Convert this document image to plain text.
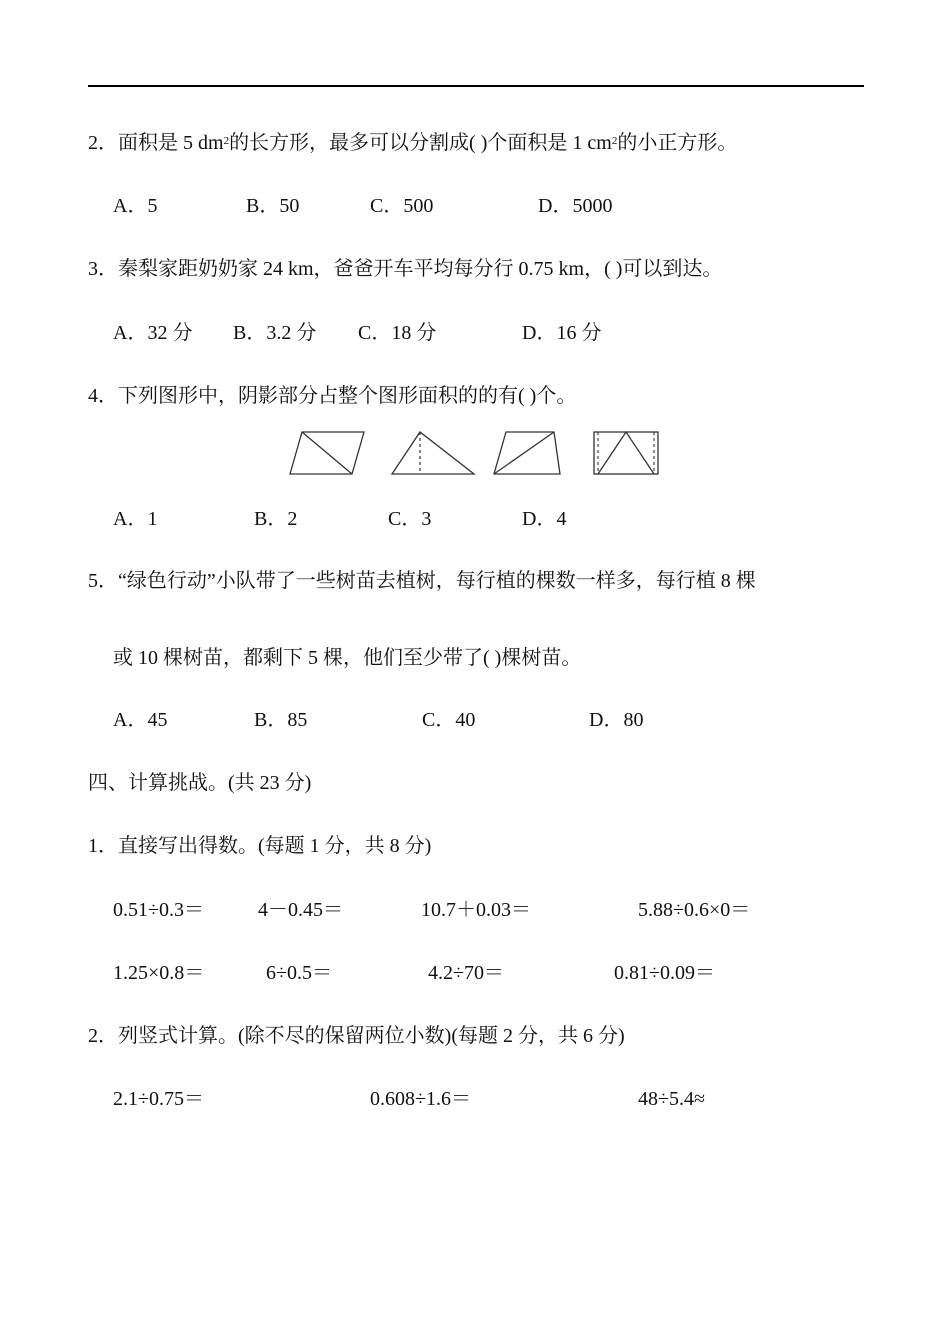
2．面积是 5 $dm^2$的长方形，最多可以分割成( )个面积是 1 $cm^2$的小正方形。
A．5	B．50	C．500	D．5000
3．秦梨家距奶奶家 24 km，爸爸开车平均每分行 0.75 km，( )可以到达。
A．32 分 B．3.2 分 C．18 分	D．16 分
4．下列图形中，阴影部分占整个图形面积的的有( )个。
A．1	B．2	C．3	D．4
5．“绿色行动”小队带了一些树苗去植树，每行植的棵数一样多，每行植 8 棵
或 10 棵树苗，都剩下 5 棵，他们至少带了( )棵树苗。
A．45	B．85	C．40	D．80
四、计算挑战。(共 23 分)
1．直接写出得数。(每题 1 分，共 8 分)
0.51÷0.3＝	4－0.45＝	10.7＋0.03＝	5.88÷0.6×0＝
1.25×0.8＝	6÷0.5＝	4.2÷70＝	0.81÷0.09＝
2．列竖式计算。(除不尽的保留两位小数)(每题 2 分，共 6 分)
2.1÷0.75＝	0.608÷1.6＝	48÷5.4≈
